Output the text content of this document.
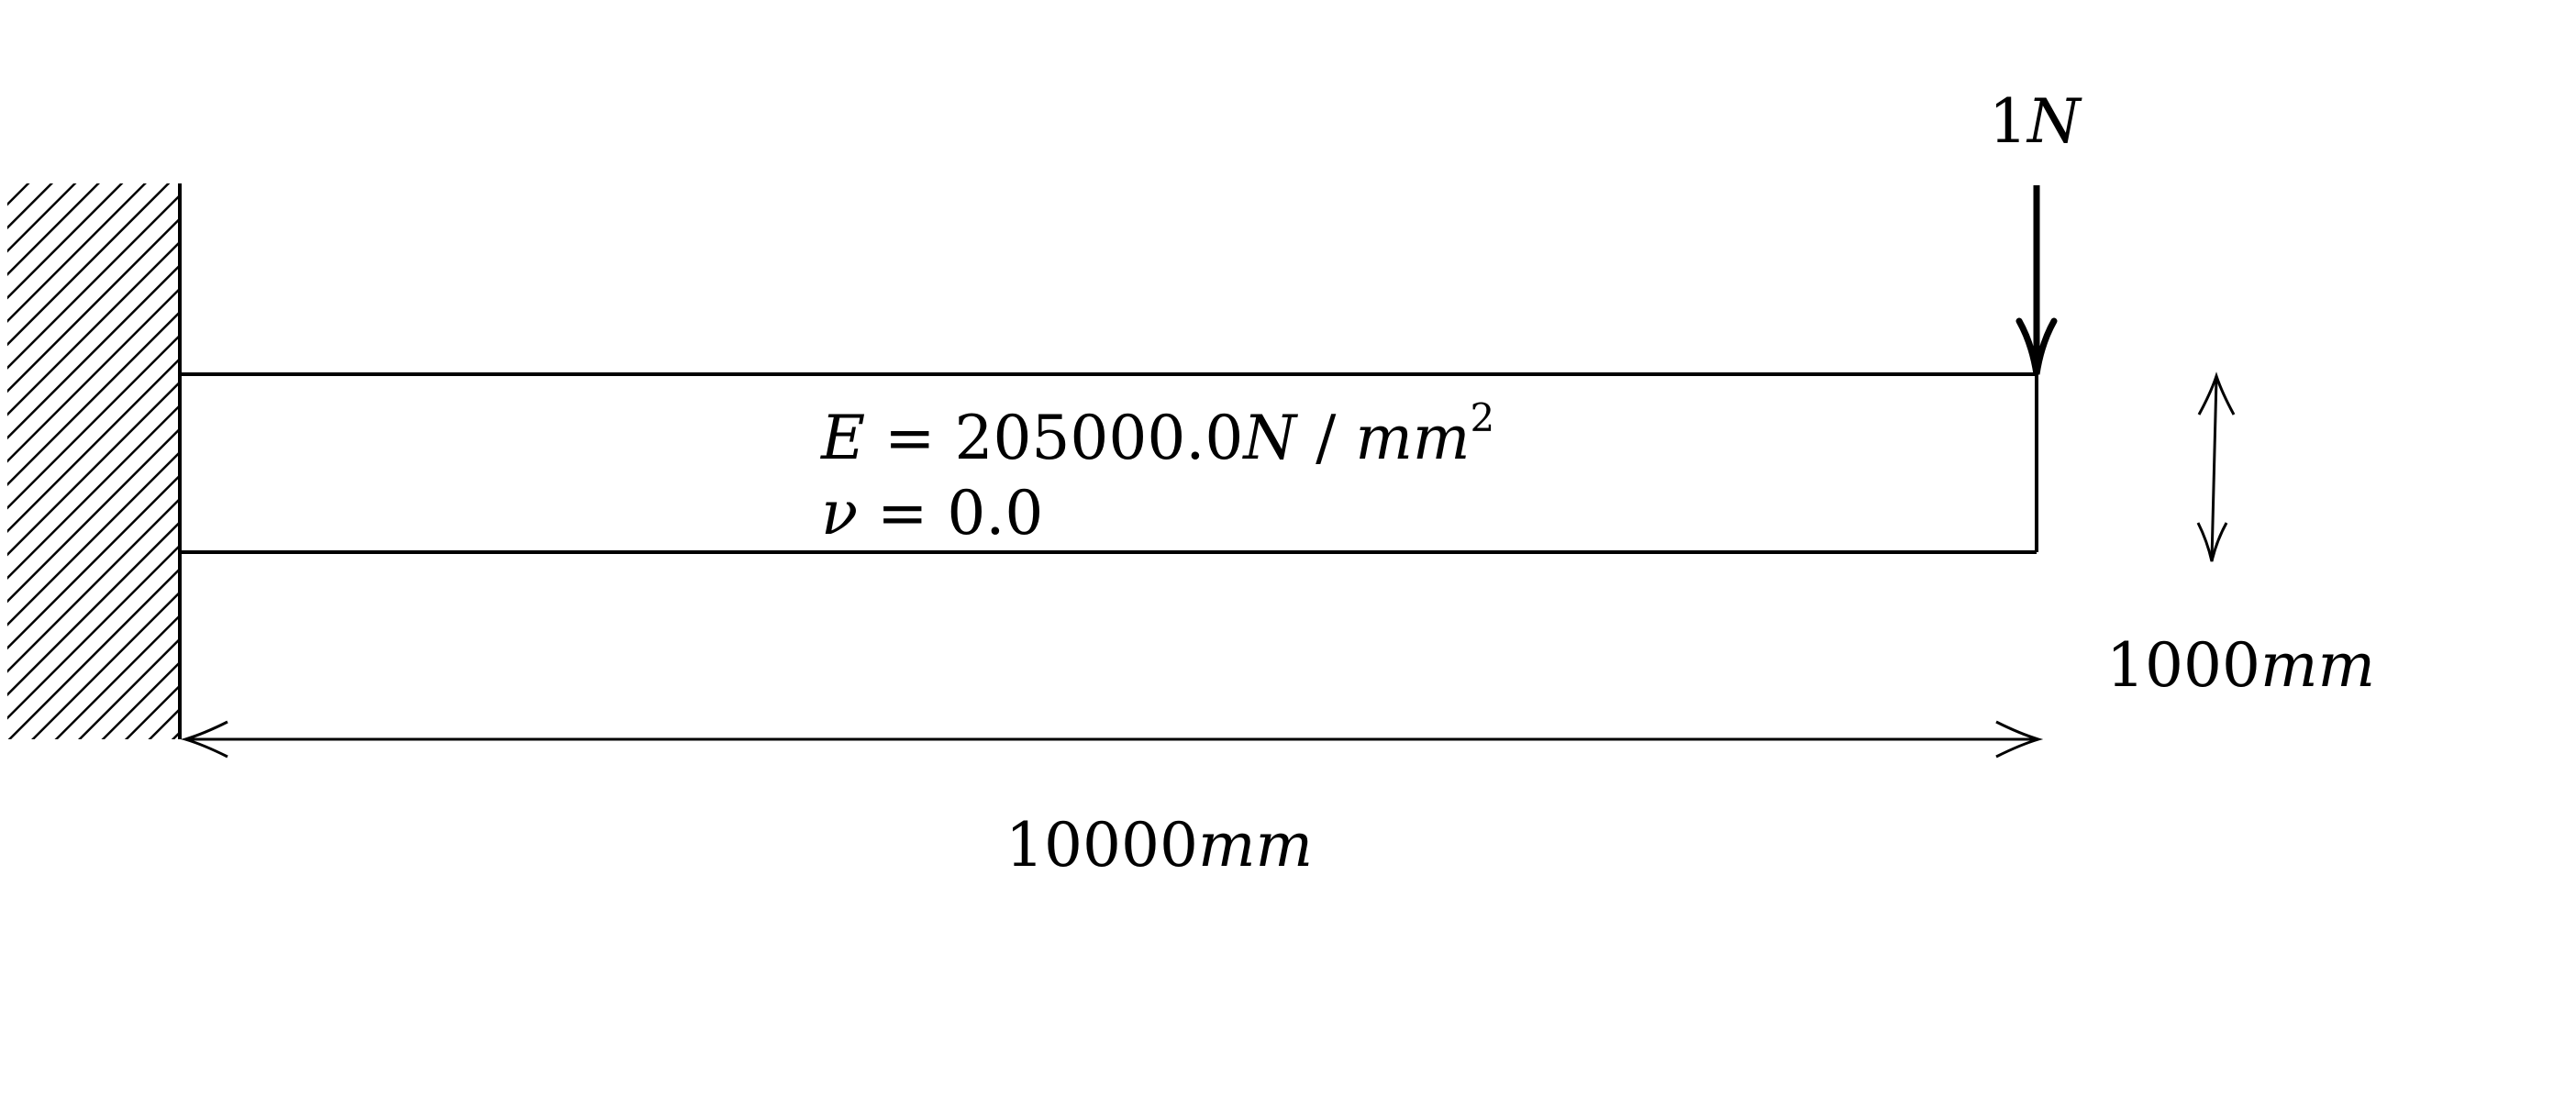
1N
$E = 205000.0N / mm^2$
ν = 0.0
1000mm
10000mm
